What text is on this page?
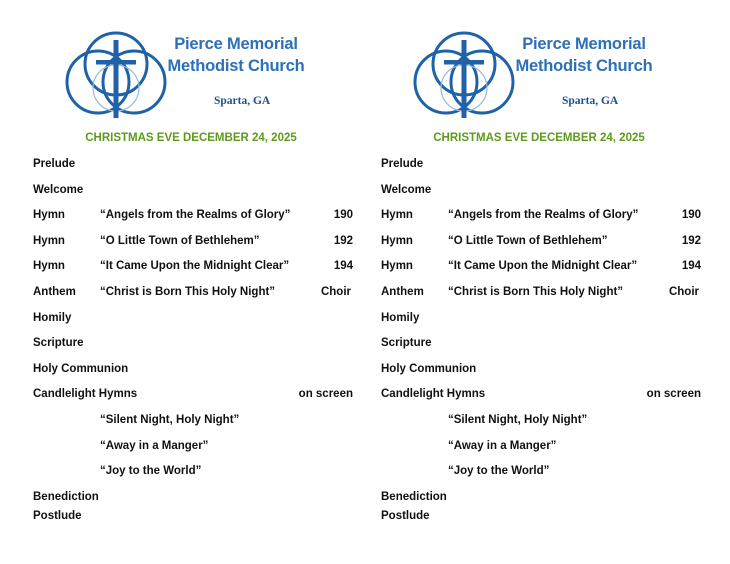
Pierce Memorial
Methodist Church
Sparta, GA
CHRISTMAS EVE DECEMBER 24, 2025
Prelude
Welcome
Hymn	“Angels from the Realms of Glory”	190
Hymn	“O Little Town of Bethlehem”	192
Hymn	“It Came Upon the Midnight Clear”	194
Anthem “Christ is Born This Holy Night”	Choir
Homily
Scripture
Holy Communion
Candlelight Hymns	on screen
“Silent Night, Holy Night”
“Away in a Manger”
“Joy to the World”
Benediction
Postlude
Pierce Memorial
Methodist Church
Sparta, GA
CHRISTMAS EVE DECEMBER 24, 2025
Prelude
Welcome
Hymn	“Angels from the Realms of Glory”	190
Hymn	“O Little Town of Bethlehem”	192
Hymn	“It Came Upon the Midnight Clear”	194
Anthem “Christ is Born This Holy Night”	Choir
Homily
Scripture
Holy Communion
Candlelight Hymns	on screen
“Silent Night, Holy Night”
“Away in a Manger”
“Joy to the World”
Benediction
Postlude
